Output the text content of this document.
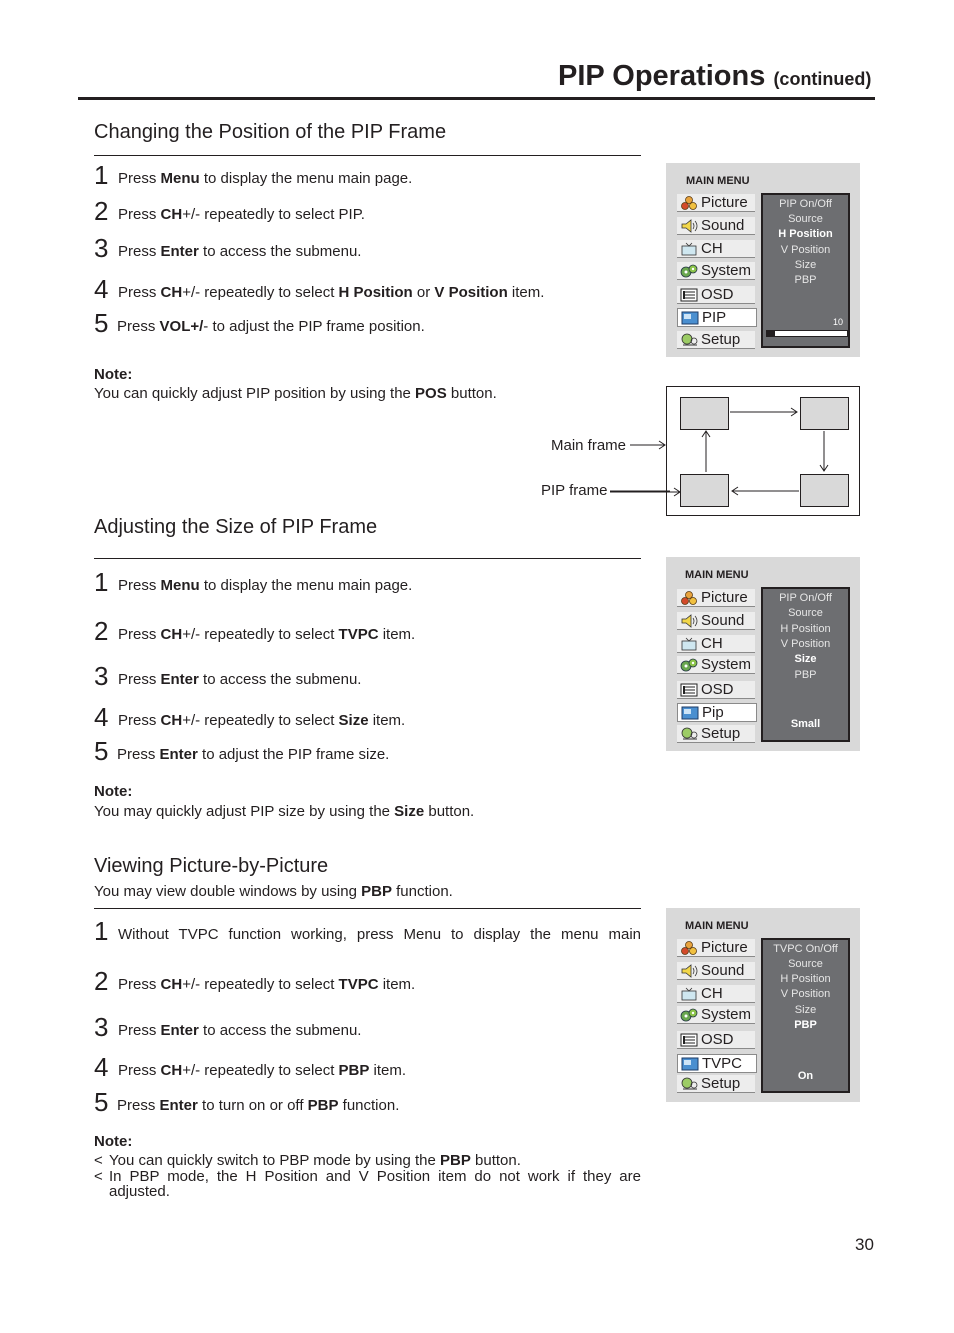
PIP Operations (continued)
Changing the Position of the PIP Frame
1 Press Menu to display the menu main page.
2 Press CH+/- repeatedly to select PIP.
3 Press Enter to access the submenu.
4 Press CH+/- repeatedly to select H Position or V Position item.
5 Press VOL+/- to adjust the PIP frame position.
Note:
You can quickly adjust PIP position by using the POS button.
MAIN MENU
Picture
Sound
CH
System
OSD
PIP
Setup
PIP On/Off
Source
H Position
V Position
Size
PBP
10
Main frame
PIP frame
Adjusting the Size of PIP Frame
1 Press Menu to display the menu main page.
2 Press CH+/- repeatedly to select TVPC item.
3 Press Enter to access the submenu.
4 Press CH+/- repeatedly to select Size item.
5 Press Enter to adjust the PIP frame size.
Note:
You may quickly adjust PIP size by using the Size button.
MAIN MENU
Picture
Sound
CH
System
OSD
Pip
Setup
PIP On/Off
Source
H Position
V Position
Size
PBP
Small
Viewing Picture-by-Picture
You may view double windows by using PBP function.
1 Without TVPC function working, press Menu to display the menu main
2 Press CH+/- repeatedly to select TVPC item.
3 Press Enter to access the submenu.
4 Press CH+/- repeatedly to select PBP item.
5 Press Enter to turn on or off PBP function.
Note:
< You can quickly switch to PBP mode by using the PBP button.
< In PBP mode, the H Position and V Position item do not work if they are adjusted.
MAIN MENU
Picture
Sound
CH
System
OSD
TVPC
Setup
TVPC On/Off
Source
H Position
V Position
Size
PBP
On
30
